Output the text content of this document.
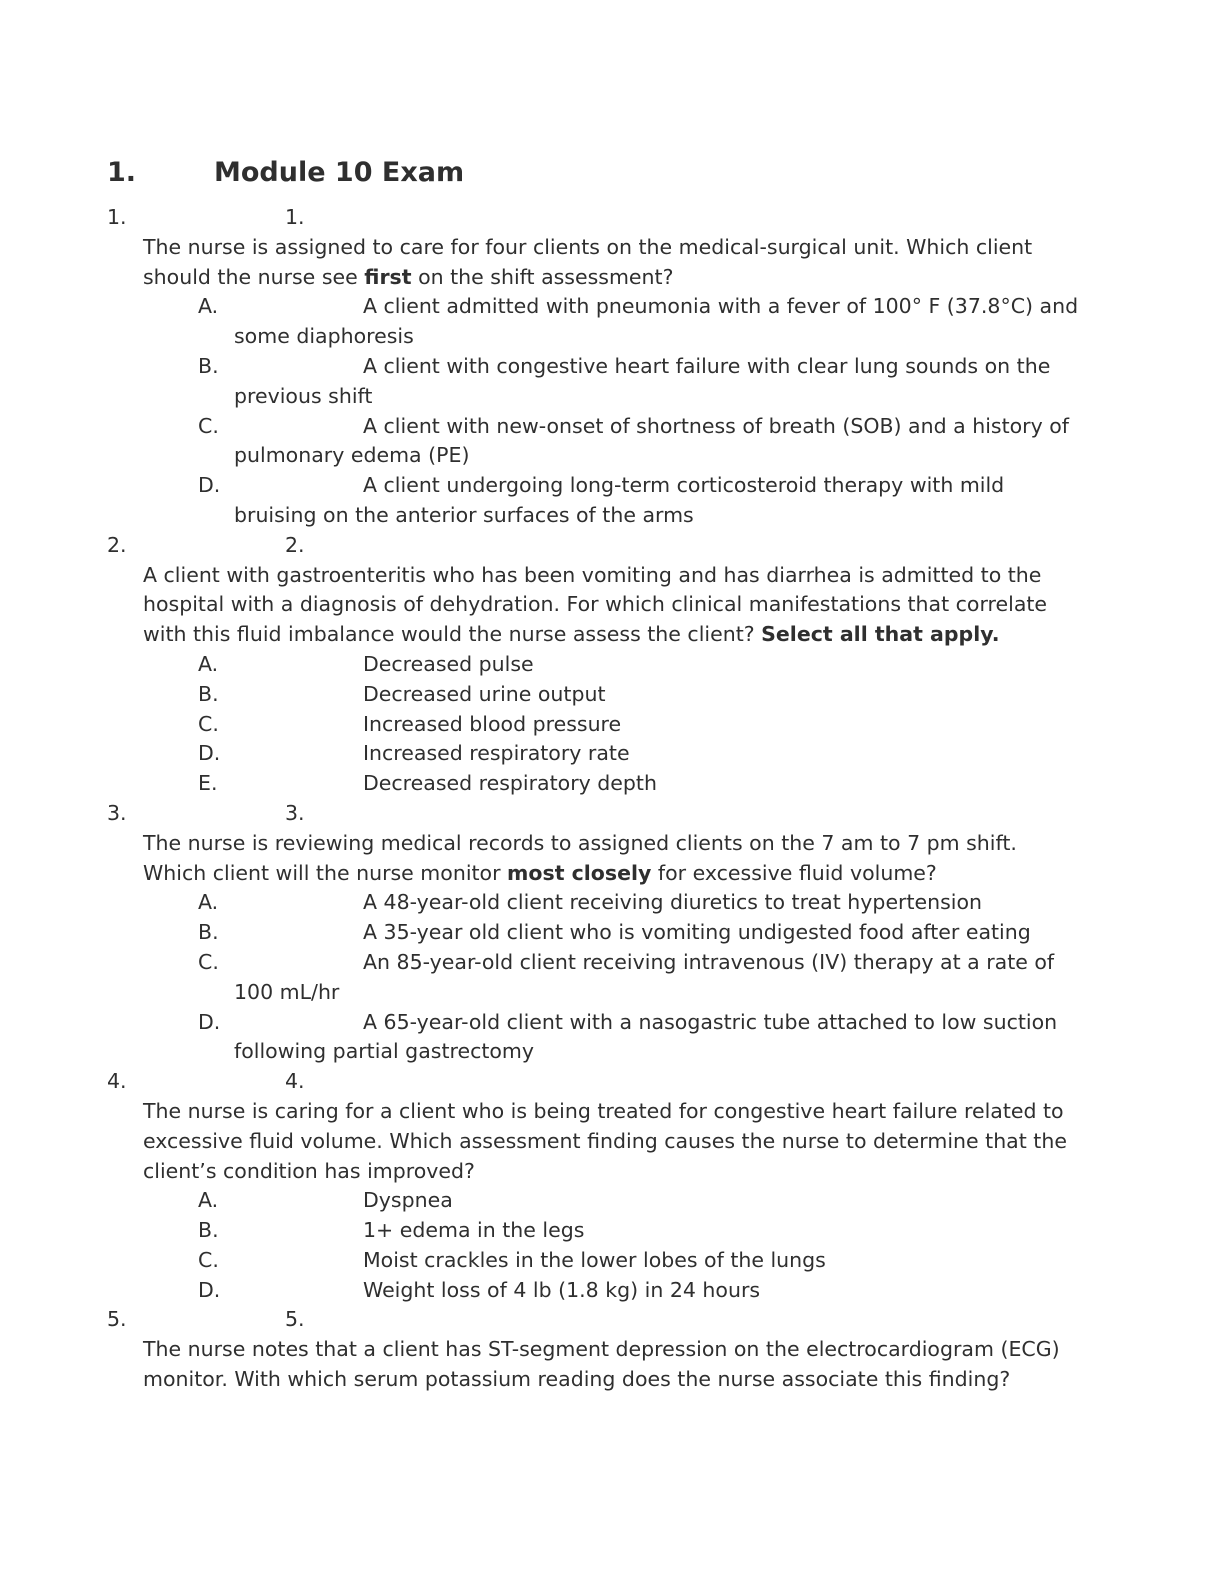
1.	Module 10 Exam
1.	1.
The nurse is assigned to care for four clients on the medical-surgical unit. Which client should the nurse see first on the shift assessment?
A.	A client admitted with pneumonia with a fever of 100° F (37.8°C) and some diaphoresis
B.	A client with congestive heart failure with clear lung sounds on the previous shift
C.	A client with new-onset of shortness of breath (SOB) and a history of pulmonary edema (PE)
D.	A client undergoing long-term corticosteroid therapy with mild bruising on the anterior surfaces of the arms
2.	2.
A client with gastroenteritis who has been vomiting and has diarrhea is admitted to the hospital with a diagnosis of dehydration. For which clinical manifestations that correlate with this fluid imbalance would the nurse assess the client? Select all that apply.
A.	Decreased pulse
B.	Decreased urine output
C.	Increased blood pressure
D.	Increased respiratory rate
E.	Decreased respiratory depth
3.	3.
The nurse is reviewing medical records to assigned clients on the 7 am to 7 pm shift. Which client will the nurse monitor most closely for excessive fluid volume?
A.	A 48-year-old client receiving diuretics to treat hypertension
B.	A 35-year old client who is vomiting undigested food after eating
C.	An 85-year-old client receiving intravenous (IV) therapy at a rate of 100 mL/hr
D.	A 65-year-old client with a nasogastric tube attached to low suction following partial gastrectomy
4.	4.
The nurse is caring for a client who is being treated for congestive heart failure related to excessive fluid volume. Which assessment finding causes the nurse to determine that the client’s condition has improved?
A.	Dyspnea
B.	1+ edema in the legs
C.	Moist crackles in the lower lobes of the lungs
D.	Weight loss of 4 lb (1.8 kg) in 24 hours
5.	5.
The nurse notes that a client has ST-segment depression on the electrocardiogram (ECG) monitor. With which serum potassium reading does the nurse associate this finding?
